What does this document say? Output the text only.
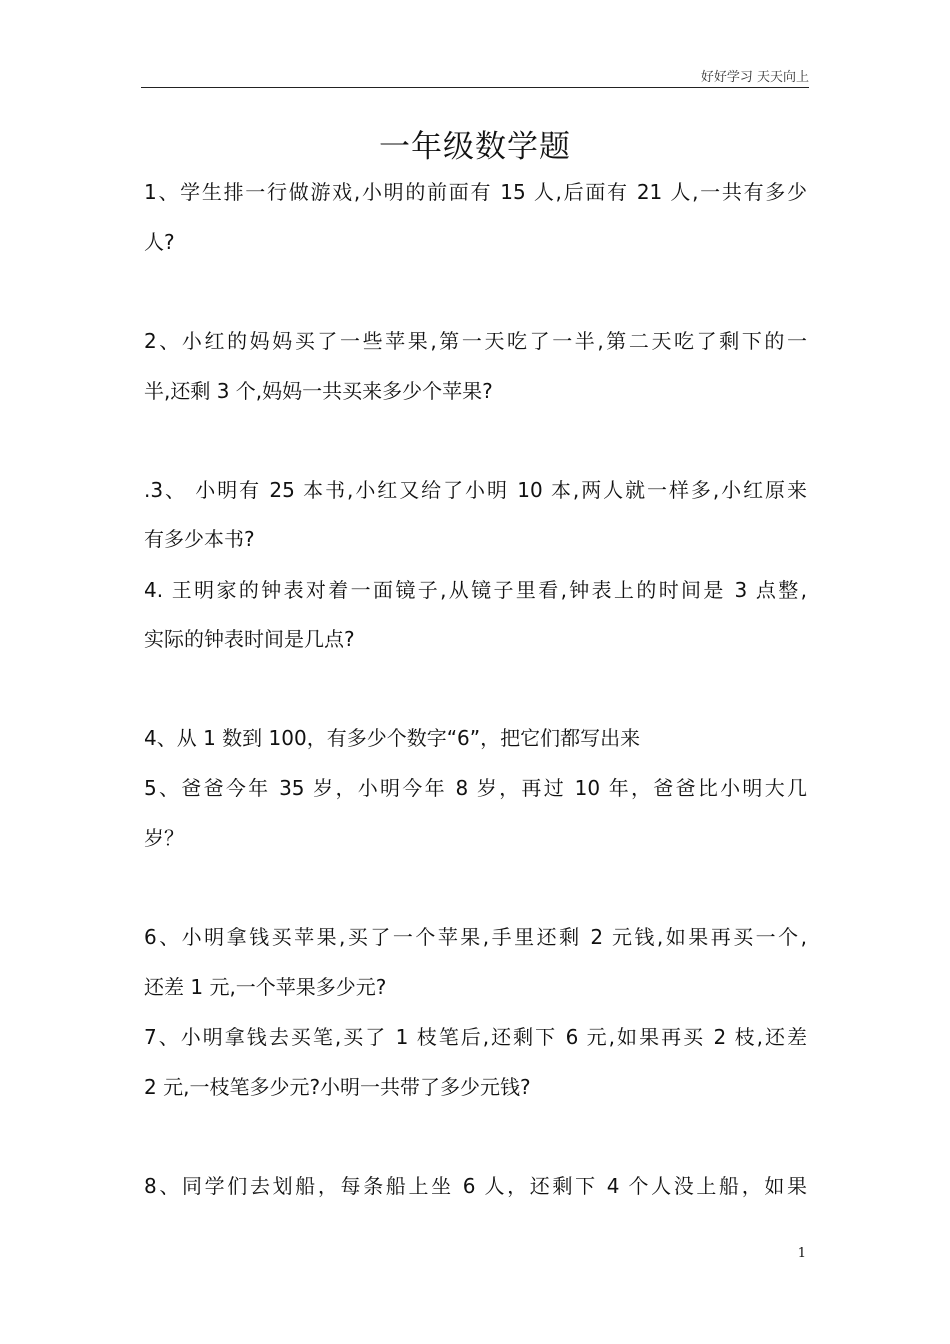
好好学习 天天向上
一年级数学题
1、学生排一行做游戏,小明的前面有 15 人,后面有 21 人,一共有多少
人?
2、小红的妈妈买了一些苹果,第一天吃了一半,第二天吃了剩下的一
半,还剩 3 个,妈妈一共买来多少个苹果?
.3、 小明有 25 本书,小红又给了小明 10 本,两人就一样多,小红原来
有多少本书?
4. 王明家的钟表对着一面镜子,从镜子里看,钟表上的时间是 3 点整,
实际的钟表时间是几点?
4、从 1 数到 100，有多少个数字“6”，把它们都写出来
5、爸爸今年 35 岁，小明今年 8 岁，再过 10 年，爸爸比小明大几
岁？
6、小明拿钱买苹果,买了一个苹果,手里还剩 2 元钱,如果再买一个,
还差 1 元,一个苹果多少元?
7、小明拿钱去买笔,买了 1 枝笔后,还剩下 6 元,如果再买 2 枝,还差
2 元,一枝笔多少元?小明一共带了多少元钱?
8、同学们去划船，每条船上坐 6 人，还剩下 4 个人没上船，如果
1
